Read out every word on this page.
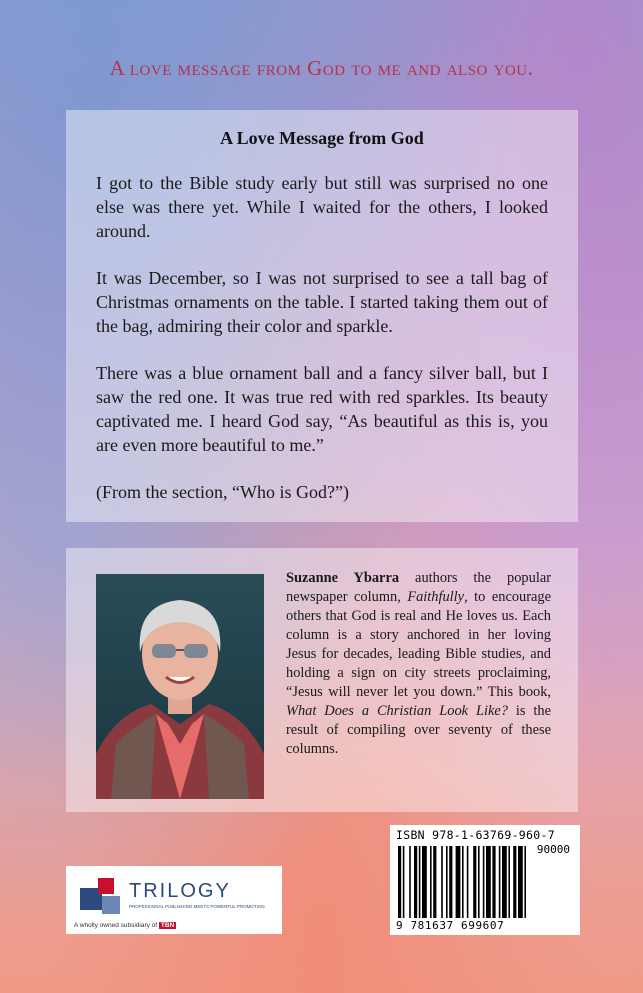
A love message from God to me and also you.
A Love Message from God

I got to the Bible study early but still was surprised no one else was there yet. While I waited for the others, I looked around.

It was December, so I was not surprised to see a tall bag of Christmas ornaments on the table. I started taking them out of the bag, admiring their color and sparkle.

There was a blue ornament ball and a fancy silver ball, but I saw the red one. It was true red with red sparkles. Its beauty captivated me. I heard God say, “As beautiful as this is, you are even more beautiful to me.”

(From the section, “Who is God?”)

Suzanne Ybarra authors the popular newspaper column, Faithfully, to encourage others that God is real and He loves us. Each column is a story anchored in her loving Jesus for decades, leading Bible studies, and holding a sign on city streets proclaiming, “Jesus will never let you down.” This book, What Does a Christian Look Like? is the result of compiling over seventy of these columns.
ISBN 978-1-63769-960-7
90000
9 781637 699607
TRILOGY
PROFESSIONAL PUBLISHING MEETS POWERFUL PROMOTION
A wholly owned subsidiary of TBN
